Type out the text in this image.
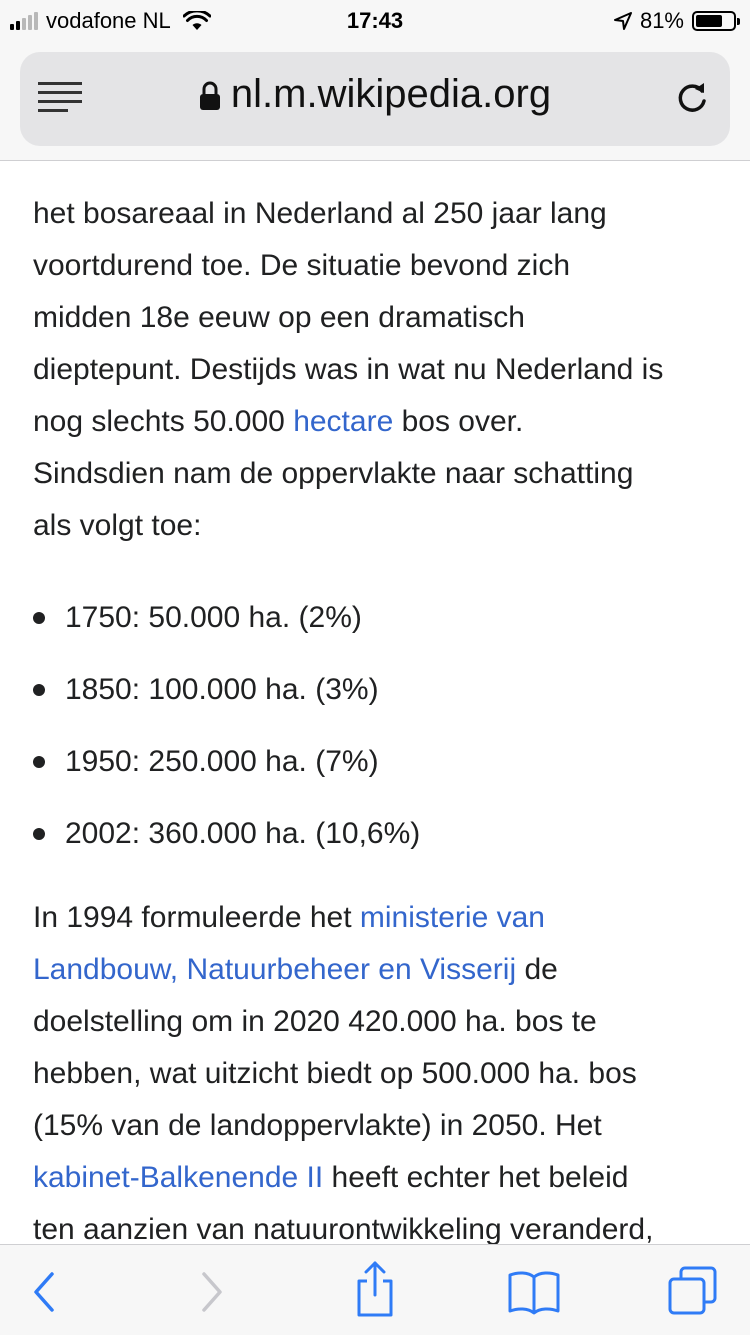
vodafone NL	17:43	81%
nl.m.wikipedia.org

het bosareaal in Nederland al 250 jaar lang
voortdurend toe. De situatie bevond zich
midden 18e eeuw op een dramatisch
dieptepunt. Destijds was in wat nu Nederland is
nog slechts 50.000 hectare bos over.
Sindsdien nam de oppervlakte naar schatting
als volgt toe:

1750: 50.000 ha. (2%)
1850: 100.000 ha. (3%)
1950: 250.000 ha. (7%)
2002: 360.000 ha. (10,6%)

In 1994 formuleerde het ministerie van
Landbouw, Natuurbeheer en Visserij de
doelstelling om in 2020 420.000 ha. bos te
hebben, wat uitzicht biedt op 500.000 ha. bos
(15% van de landoppervlakte) in 2050. Het
kabinet-Balkenende II heeft echter het beleid
ten aanzien van natuurontwikkeling veranderd,
